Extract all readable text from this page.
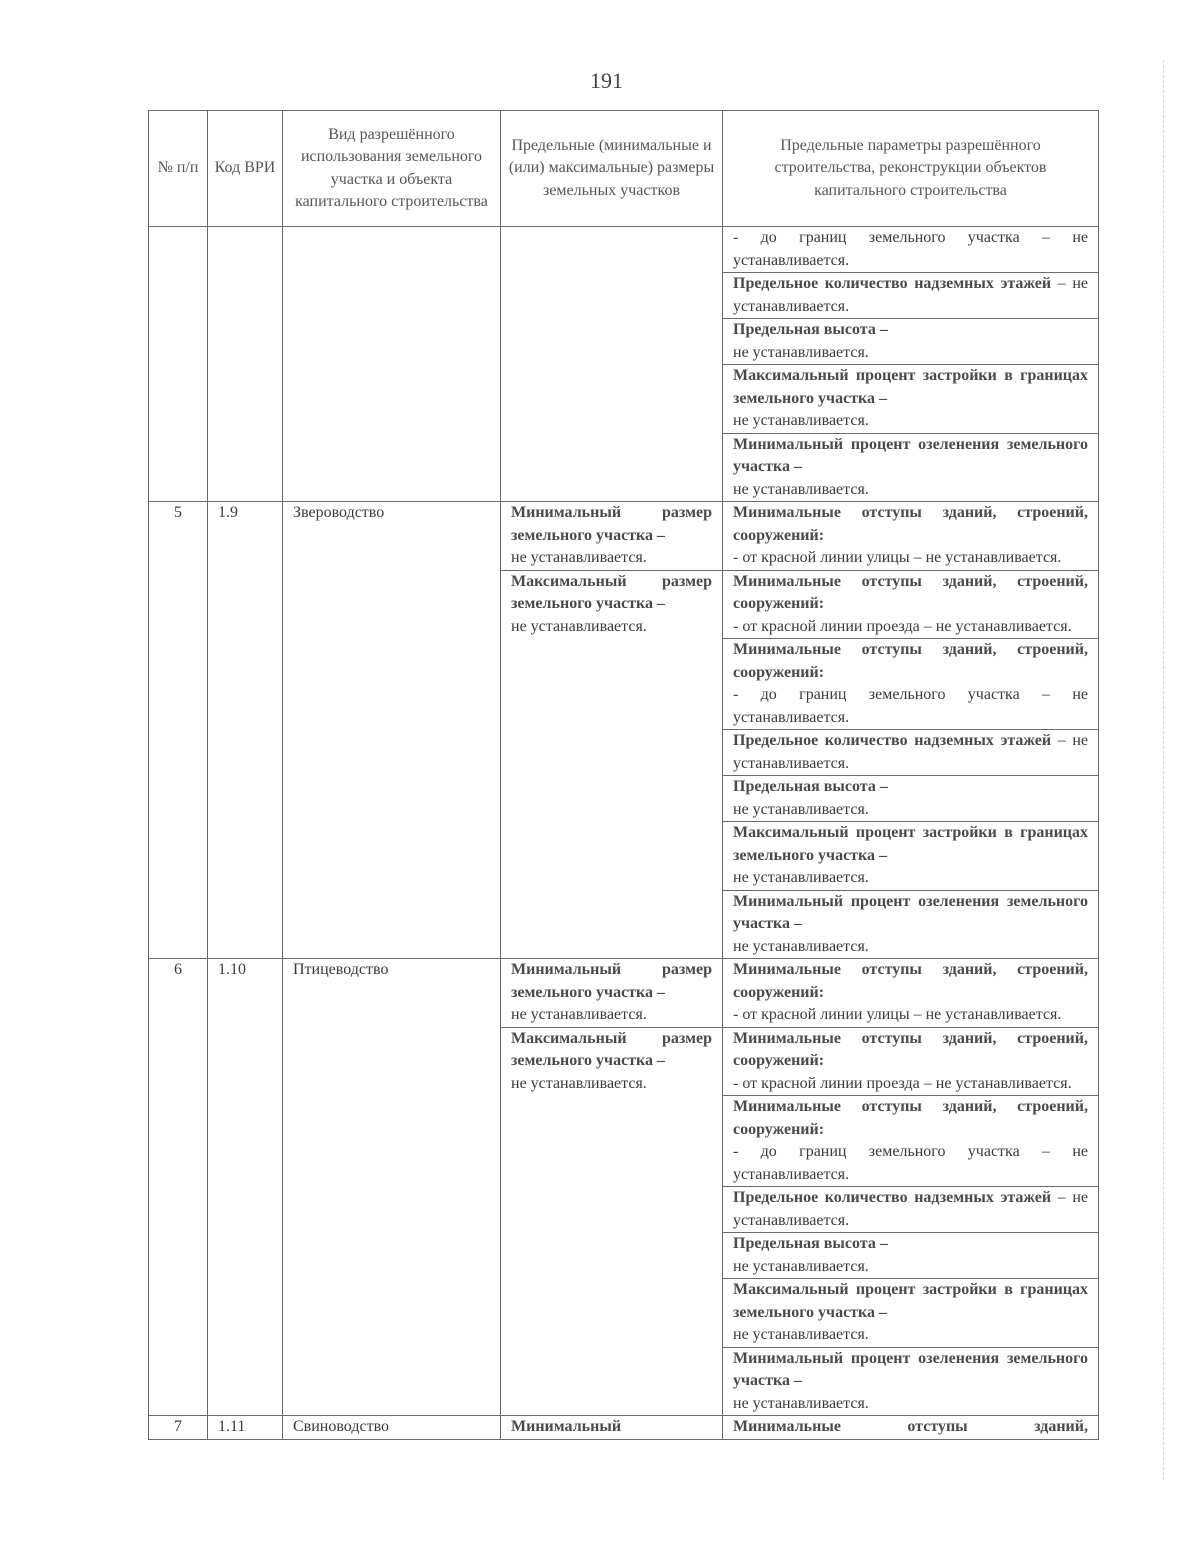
191
№ п/п	Код ВРИ	Вид разрешённого использования земельного участка и объекта капитального строительства	Предельные (минимальные и (или) максимальные) размеры земельных участков	Предельные параметры разрешённого строительства, реконструкции объектов капитального строительства
				- до границ земельного участка – не устанавливается.
				Предельное количество надземных этажей – не устанавливается.
				Предельная высота –
не устанавливается.
				Максимальный процент застройки в границах земельного участка –
не устанавливается.
				Минимальный процент озеленения земельного участка –
не устанавливается.
5	1.9	Звероводство	Минимальный размер земельного участка –
не устанавливается.	Минимальные отступы зданий, строений, сооружений:
- от красной линии улицы – не устанавливается.
			Максимальный размер земельного участка –
не устанавливается.	Минимальные отступы зданий, строений, сооружений:
- от красной линии проезда – не устанавливается.
				Минимальные отступы зданий, строений, сооружений:
- до границ земельного участка – не устанавливается.
				Предельное количество надземных этажей – не устанавливается.
				Предельная высота –
не устанавливается.
				Максимальный процент застройки в границах земельного участка –
не устанавливается.
				Минимальный процент озеленения земельного участка –
не устанавливается.
6	1.10	Птицеводство	Минимальный размер земельного участка –
не устанавливается.	Минимальные отступы зданий, строений, сооружений:
- от красной линии улицы – не устанавливается.
			Максимальный размер земельного участка –
не устанавливается.	Минимальные отступы зданий, строений, сооружений:
- от красной линии проезда – не устанавливается.
				Минимальные отступы зданий, строений, сооружений:
- до границ земельного участка – не устанавливается.
				Предельное количество надземных этажей – не устанавливается.
				Предельная высота –
не устанавливается.
				Максимальный процент застройки в границах земельного участка –
не устанавливается.
				Минимальный процент озеленения земельного участка –
не устанавливается.
7	1.11	Свиноводство	Минимальный	Минимальные отступы зданий,
